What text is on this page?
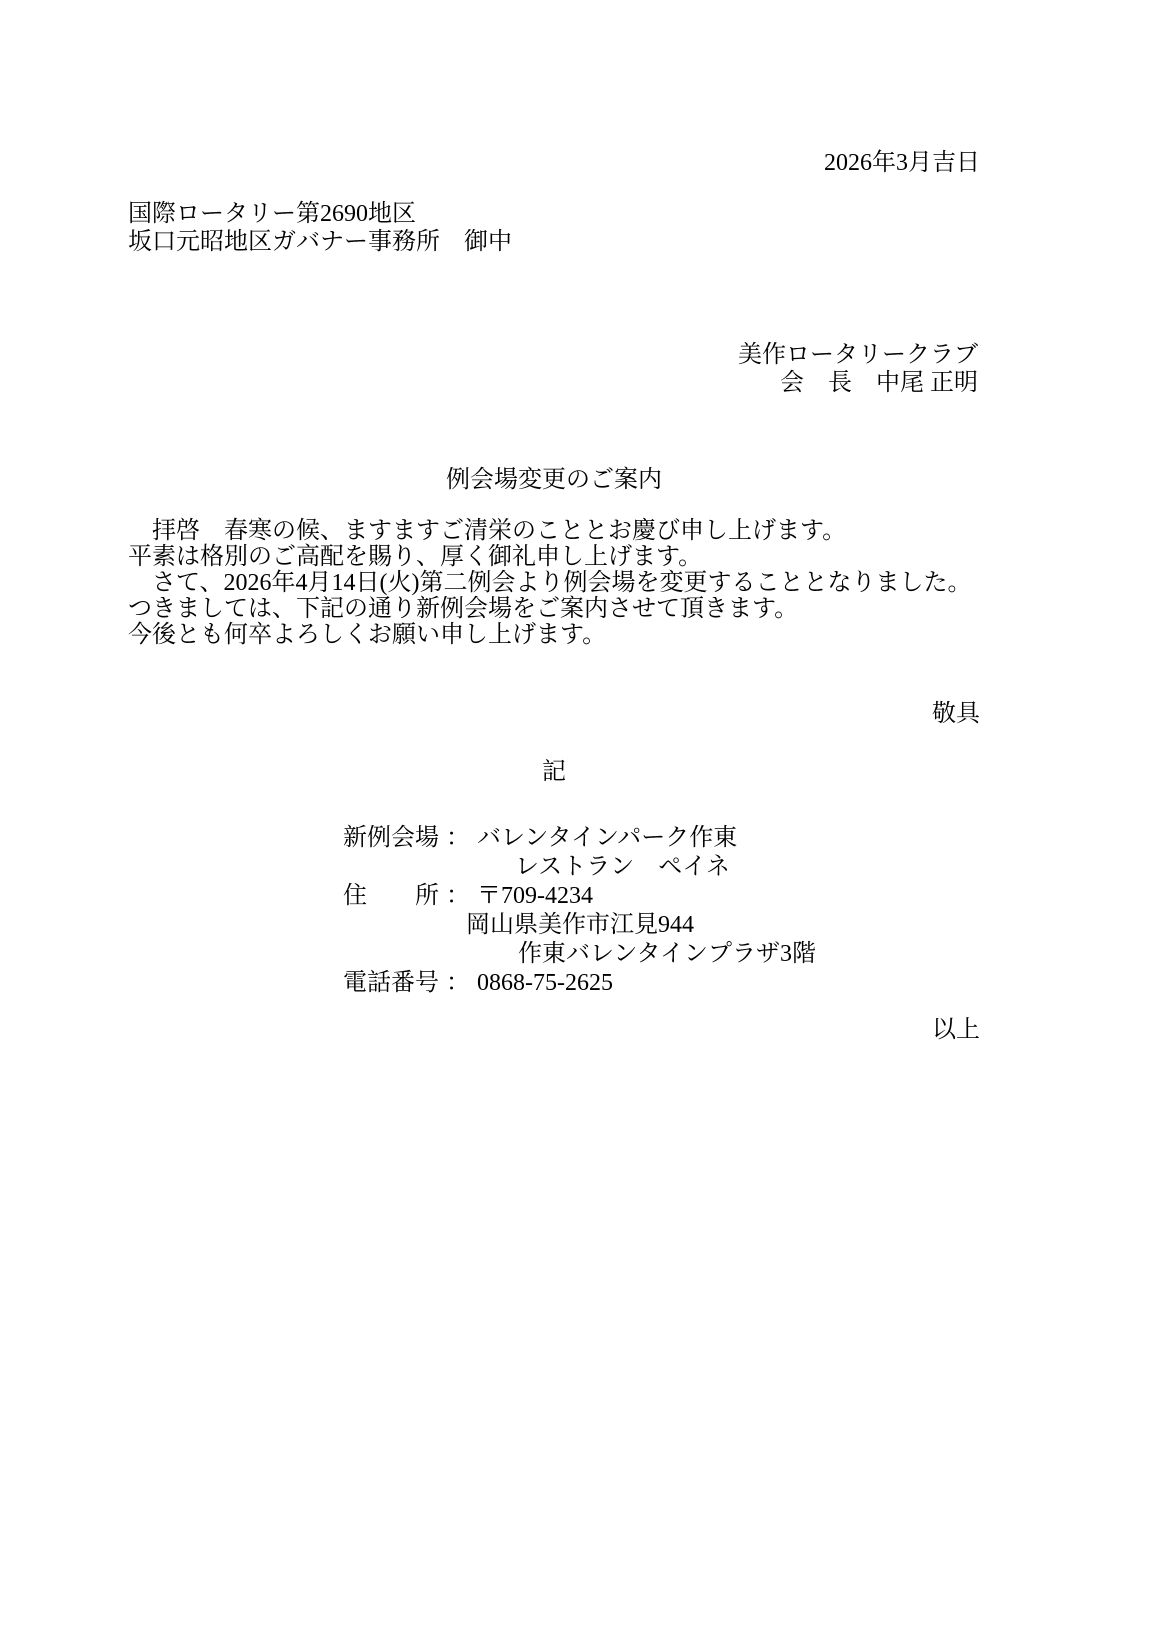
2026年3月吉日
国際ロータリー第2690地区
坂口元昭地区ガバナー事務所　御中
美作ロータリークラブ
会　長　中尾 正明
例会場変更のご案内
　拝啓　春寒の候、ますますご清栄のこととお慶び申し上げます。
平素は格別のご高配を賜り、厚く御礼申し上げます。
　さて、2026年4月14日(火)第二例会より例会場を変更することとなりました。
つきましては、下記の通り新例会場をご案内させて頂きます。
今後とも何卒よろしくお願い申し上げます。
敬具
記
新例会場 ： バレンタインパーク作東
レストラン　ペイネ
住　　所 ： 〒709-4234
岡山県美作市江見944
作東バレンタインプラザ3階
電話番号 ： 0868-75-2625
以上
